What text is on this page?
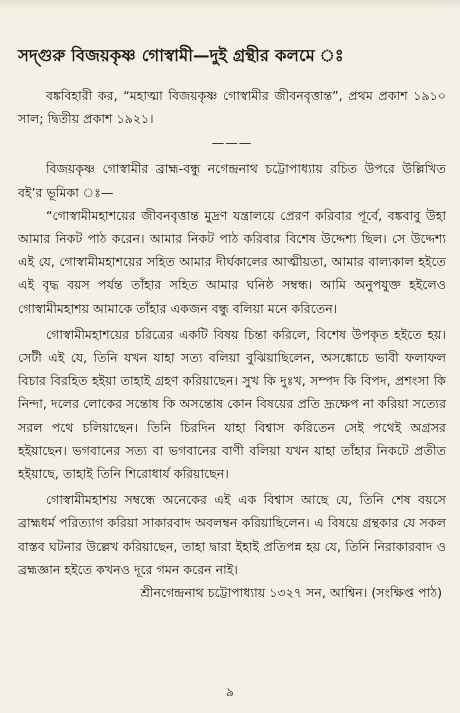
সদ্গুরু বিজয়কৃষ্ণ গোস্বামী—দুই গ্রন্থীর কলমে ঃ

বঙ্কবিহারী কর, “মহাত্মা বিজয়কৃষ্ণ গোস্বামীর জীবনবৃত্তান্ত”, প্রথম প্রকাশ ১৯১০ সাল; দ্বিতীয় প্রকাশ ১৯২১।

———

বিজয়কৃষ্ণ গোস্বামীর ব্রাহ্ম-বন্ধু নগেন্দ্রনাথ চট্টোপাধ্যায় রচিত উপরে উল্লিখিত বই’র ভূমিকা ঃ—

“গোস্বামীমহাশয়ের জীবনবৃত্তান্ত মুদ্রণ যন্ত্রালয়ে প্রেরণ করিবার পূর্বে, বঙ্কবাবু উহা আমার নিকট পাঠ করেন। আমার নিকট পাঠ করিবার বিশেষ উদ্দেশ্য ছিল। সে উদ্দেশ্য এই যে, গোস্বামীমহাশয়ের সহিত আমার দীর্ঘকালের আত্মীয়তা, আমার বাল্যকাল হইতে এই বৃদ্ধ বয়স পর্যন্ত তাঁহার সহিত আমার ঘনিষ্ঠ সম্বন্ধ। আমি অনুপযুক্ত হইলেও গোস্বামীমহাশয় আমাকে তাঁহার একজন বন্ধু বলিয়া মনে করিতেন।

গোস্বামীমহাশয়ের চরিত্রের একটি বিষয় চিন্তা করিলে, বিশেষ উপকৃত হইতে হয়। সেটী এই যে, তিনি যখন যাহা সত্য বলিয়া বুঝিয়াছিলেন, অসঙ্কোচে ভাবী ফলাফল বিচার বিরহিত হইয়া তাহাই গ্রহণ করিয়াছেন। সুখ কি দুঃখ, সম্পদ কি বিপদ, প্রশংসা কি নিন্দা, দলের লোকের সন্তোষ কি অসন্তোষ কোন বিষয়ের প্রতি দ্রূক্ষেপ না করিয়া সত্যের সরল পথে চলিয়াছেন। তিনি চিরদিন যাহা বিশ্বাস করিতেন সেই পথেই অগ্রসর হইয়াছেন। ভগবানের সত্য বা ভগবানের বাণী বলিয়া যখন যাহা তাঁহার নিকটে প্রতীত হইয়াছে, তাহাই তিনি শিরোধার্য করিয়াছেন।

গোস্বামীমহাশয় সম্বন্ধে অনেকের এই এক বিশ্বাস আছে যে, তিনি শেষ বয়সে ব্রাহ্মধর্ম পরিত্যাগ করিয়া সাকারবাদ অবলম্বন করিয়াছিলেন। এ বিষয়ে গ্রন্থকার যে সকল বাস্তব ঘটনার উল্লেখ করিয়াছেন, তাহা দ্বারা ইহাই প্রতিপন্ন হয় যে, তিনি নিরাকারবাদ ও ব্রহ্মজ্ঞান হইতে কখনও দূরে গমন করেন নাই।

শ্রীনগেন্দ্রনাথ চট্টোপাধ্যায় ১৩২৭ সন, আশ্বিন। (সংক্ষিপ্ত পাঠ)

৯
